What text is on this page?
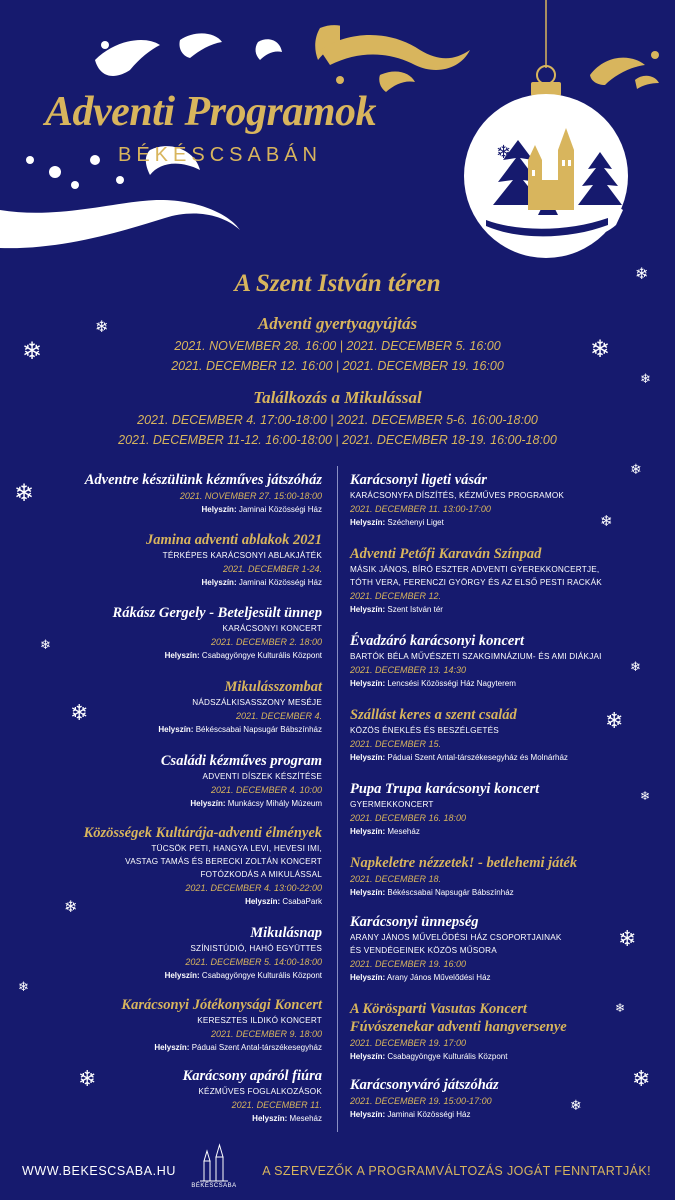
Adventi Programok
BÉKÉSCSABÁN	❄
❄
❄
❄
❄
❄
❄
❄
❄
❄
❄	❄
❄
❄
❄
❄
❄
❄	❄
❄
❄
A Szent István téren
Adventi gyertyagyújtás
2021. NOVEMBER 28. 16:00 | 2021. DECEMBER 5. 16:00
2021. DECEMBER 12. 16:00 | 2021. DECEMBER 19. 16:00
Találkozás a Mikulással
2021. DECEMBER 4. 17:00-18:00 | 2021. DECEMBER 5-6. 16:00-18:00
2021. DECEMBER 11-12. 16:00-18:00 | 2021. DECEMBER 18-19. 16:00-18:00
Adventre készülünk kézműves játszóház
2021. NOVEMBER 27. 15:00-18:00
Helyszín: Jaminai Közösségi Ház
Jamina adventi ablakok 2021
TÉRKÉPES KARÁCSONYI ABLAKJÁTÉK
2021. DECEMBER 1-24.
Helyszín: Jaminai Közösségi Ház
Rákász Gergely - Beteljesült ünnep
KARÁCSONYI KONCERT
2021. DECEMBER 2. 18:00
Helyszín: Csabagyöngye Kulturális Központ
Mikulásszombat
NÁDSZÁLKISASSZONY MESÉJE
2021. DECEMBER 4.
Helyszín: Békéscsabai Napsugár Bábszínház
Családi kézműves program
ADVENTI DÍSZEK KÉSZÍTÉSE
2021. DECEMBER 4. 10:00
Helyszín: Munkácsy Mihály Múzeum
Közösségek Kultúrája-adventi élmények
TÜCSÖK PETI, HANGYA LEVI, HEVESI IMI,
VASTAG TAMÁS ÉS BERECKI ZOLTÁN KONCERT
FOTÓZKODÁS A MIKULÁSSAL
2021. DECEMBER 4. 13:00-22:00
Helyszín: CsabaPark
Mikulásnap
SZÍNISTÚDIÓ, HAHÓ EGYÜTTES
2021. DECEMBER 5. 14:00-18:00
Helyszín: Csabagyöngye Kulturális Központ
Karácsonyi Jótékonysági Koncert
KERESZTES ILDIKÓ KONCERT
2021. DECEMBER 9. 18:00
Helyszín: Páduai Szent Antal-társzékesegyház
Karácsony apáról fiúra
KÉZMŰVES FOGLALKOZÁSOK
2021. DECEMBER 11.
Helyszín: Meseház
Karácsonyi ligeti vásár
KARÁCSONYFA DÍSZÍTÉS, KÉZMŰVES PROGRAMOK
2021. DECEMBER 11. 13:00-17:00
Helyszín: Széchenyi Liget
Adventi Petőfi Karaván Színpad
MÁSIK JÁNOS, BÍRÓ ESZTER ADVENTI GYEREKKONCERTJE,
TÓTH VERA, FERENCZI GYÖRGY ÉS AZ ELSŐ PESTI RACKÁK
2021. DECEMBER 12.
Helyszín: Szent István tér
Évadzáró karácsonyi koncert
BARTÓK BÉLA MŰVÉSZETI SZAKGIMNÁZIUM- ÉS AMI DIÁKJAI
2021. DECEMBER 13. 14:30
Helyszín: Lencsési Közösségi Ház Nagyterem
Szállást keres a szent család
KÖZÖS ÉNEKLÉS ÉS BESZÉLGETÉS
2021. DECEMBER 15.
Helyszín: Páduai Szent Antal-társzékesegyház és Molnárház
Pupa Trupa karácsonyi koncert
GYERMEKKONCERT
2021. DECEMBER 16. 18:00
Helyszín: Meseház
Napkeletre nézzetek! - betlehemi játék
2021. DECEMBER 18.
Helyszín: Békéscsabai Napsugár Bábszínház
Karácsonyi ünnepség
ARANY JÁNOS MŰVELŐDÉSI HÁZ CSOPORTJAINAK
ÉS VENDÉGEINEK KÖZÖS MŰSORA
2021. DECEMBER 19. 16:00
Helyszín: Arany János Művelődési Ház
A Körösparti Vasutas Koncert
Fúvószenekar adventi hangversenye
2021. DECEMBER 19. 17:00
Helyszín: Csabagyöngye Kulturális Központ
Karácsonyváró játszóház
2021. DECEMBER 19. 15:00-17:00
Helyszín: Jaminai Közösségi Ház
WWW.BEKESCSABA.HU
BÉKÉSCSABA
A SZERVEZŐK A PROGRAMVÁLTOZÁS JOGÁT FENNTARTJÁK!
